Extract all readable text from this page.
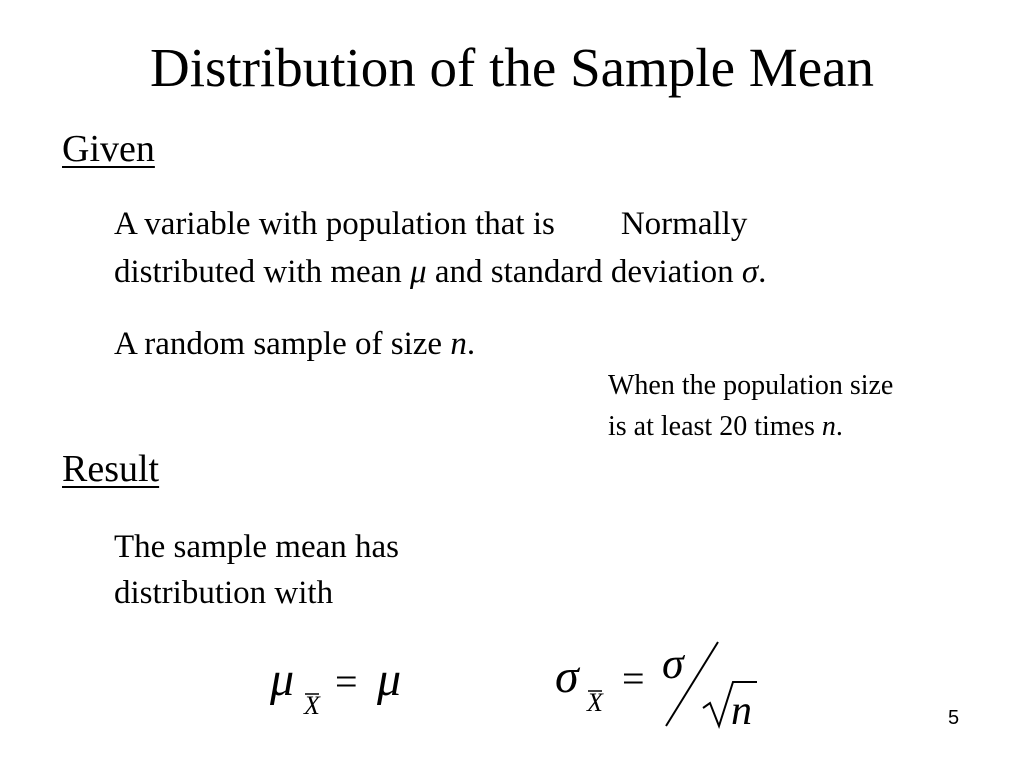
Distribution of the Sample Mean
Given
A variable with population that is Normally
distributed with mean μ and standard deviation σ.
A random sample of size n.
When the population size
is at least 20 times n.
Result
The sample mean has
distribution with
μ X
= μ	σ X
= σ
n	5
